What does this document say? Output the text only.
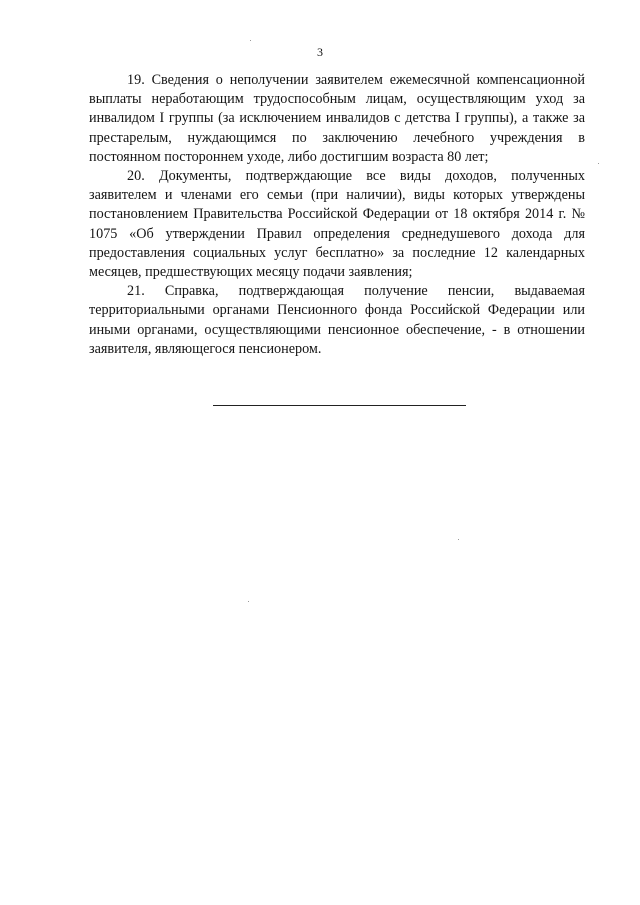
3

19. Сведения о неполучении заявителем ежемесячной компенсационной выплаты неработающим трудоспособным лицам, осуществляющим уход за инвалидом I группы (за исключением инвалидов с детства I группы), а также за престарелым, нуждающимся по заключению лечебного учреждения в постоянном постороннем уходе, либо достигшим возраста 80 лет;

20. Документы, подтверждающие все виды доходов, полученных заявителем и членами его семьи (при наличии), виды которых утверждены постановлением Правительства Российской Федерации от 18 октября 2014 г. № 1075 «Об утверждении Правил определения среднедушевого дохода для предоставления социальных услуг бесплатно» за последние 12 календарных месяцев, предшествующих месяцу подачи заявления;

21. Справка, подтверждающая получение пенсии, выдаваемая территориальными органами Пенсионного фонда Российской Федерации или иными органами, осуществляющими пенсионное обеспечение, - в отношении заявителя, являющегося пенсионером.
